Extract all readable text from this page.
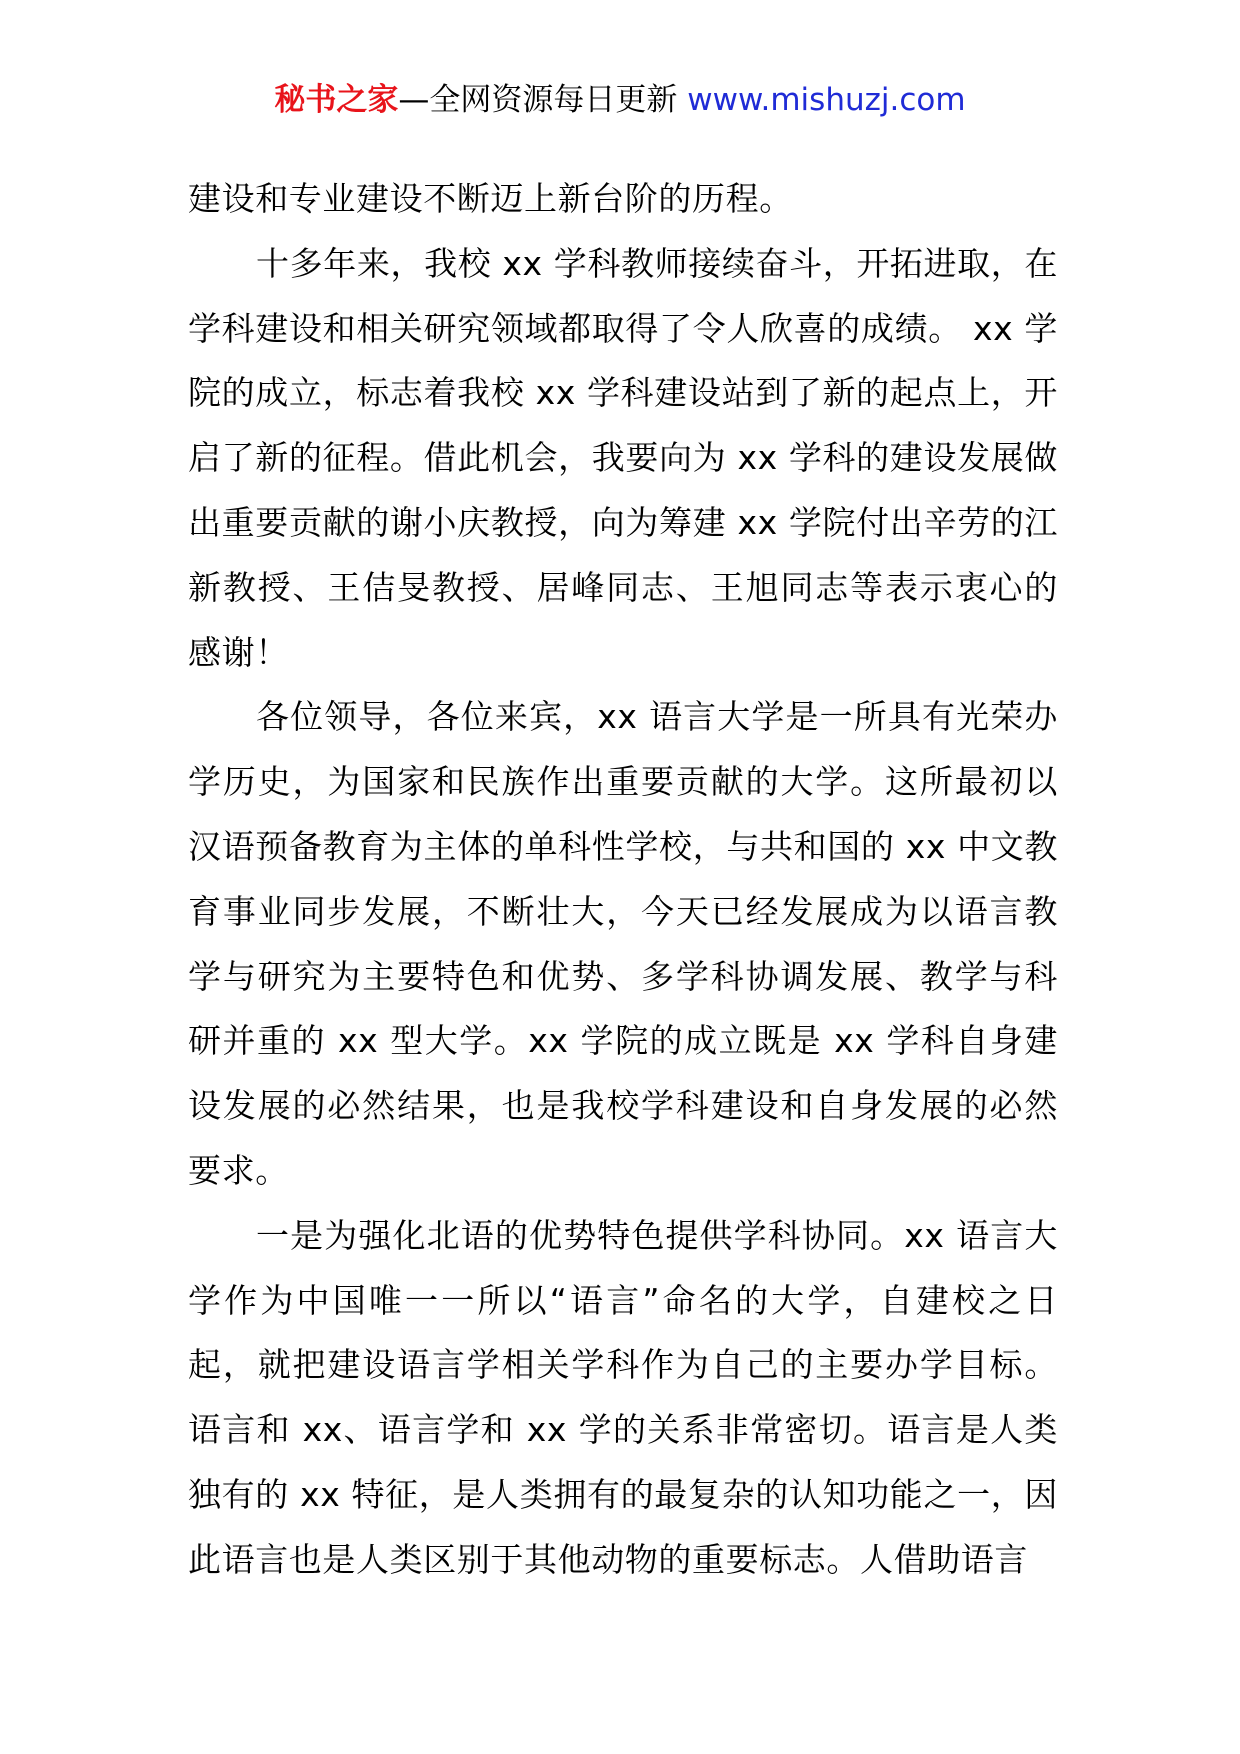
秘书之家—全网资源每日更新 www.mishuzj.com

建设和专业建设不断迈上新台阶的历程。

十多年来，我校 xx 学科教师接续奋斗，开拓进取，在学科建设和相关研究领域都取得了令人欣喜的成绩。 xx 学院的成立，标志着我校 xx 学科建设站到了新的起点上，开启了新的征程。借此机会，我要向为 xx 学科的建设发展做出重要贡献的谢小庆教授，向为筹建 xx 学院付出辛劳的江新教授、王佶旻教授、居峰同志、王旭同志等表示衷心的感谢！

各位领导，各位来宾，xx 语言大学是一所具有光荣办学历史，为国家和民族作出重要贡献的大学。这所最初以汉语预备教育为主体的单科性学校，与共和国的 xx 中文教育事业同步发展，不断壮大，今天已经发展成为以语言教学与研究为主要特色和优势、多学科协调发展、教学与科研并重的 xx 型大学。xx 学院的成立既是 xx 学科自身建设发展的必然结果，也是我校学科建设和自身发展的必然要求。

一是为强化北语的优势特色提供学科协同。xx 语言大学作为中国唯一一所以“语言”命名的大学，自建校之日起，就把建设语言学相关学科作为自己的主要办学目标。语言和 xx、语言学和 xx 学的关系非常密切。语言是人类独有的 xx 特征，是人类拥有的最复杂的认知功能之一，因此语言也是人类区别于其他动物的重要标志。人借助语言
